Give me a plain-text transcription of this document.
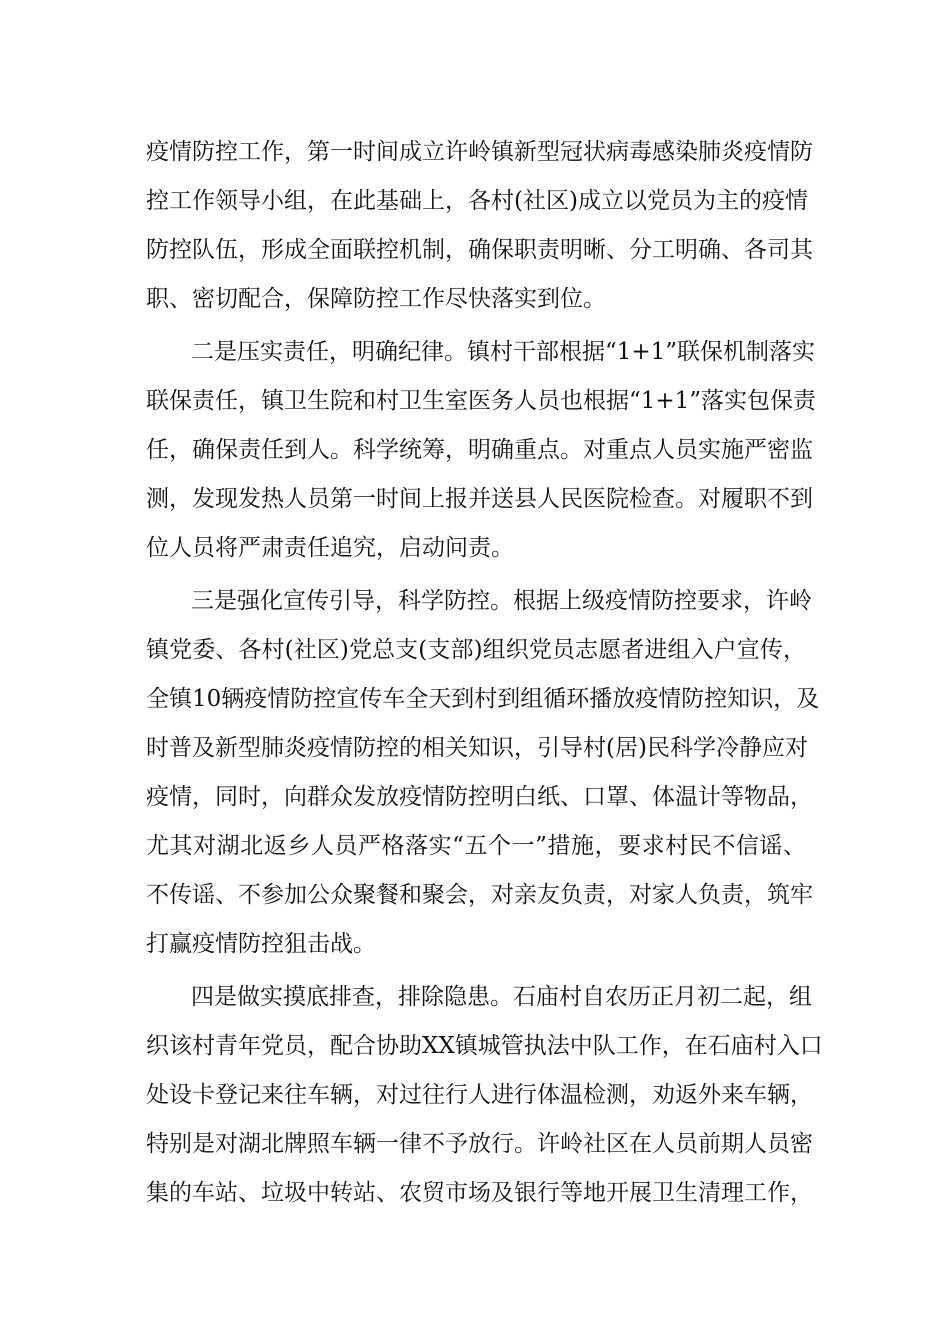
疫情防控工作，第一时间成立许岭镇新型冠状病毒感染肺炎疫情防
控工作领导小组，在此基础上，各村(社区)成立以党员为主的疫情
防控队伍，形成全面联控机制，确保职责明晰、分工明确、各司其
职、密切配合，保障防控工作尽快落实到位。
二是压实责任，明确纪律。镇村干部根据“1+1”联保机制落实
联保责任，镇卫生院和村卫生室医务人员也根据“1+1”落实包保责
任，确保责任到人。科学统筹，明确重点。对重点人员实施严密监
测，发现发热人员第一时间上报并送县人民医院检查。对履职不到
位人员将严肃责任追究，启动问责。
三是强化宣传引导，科学防控。根据上级疫情防控要求，许岭
镇党委、各村(社区)党总支(支部)组织党员志愿者进组入户宣传，
全镇10辆疫情防控宣传车全天到村到组循环播放疫情防控知识，及
时普及新型肺炎疫情防控的相关知识，引导村(居)民科学冷静应对
疫情，同时，向群众发放疫情防控明白纸、口罩、体温计等物品，
尤其对湖北返乡人员严格落实“五个一”措施，要求村民不信谣、
不传谣、不参加公众聚餐和聚会，对亲友负责，对家人负责，筑牢
打赢疫情防控狙击战。
四是做实摸底排查，排除隐患。石庙村自农历正月初二起，组
织该村青年党员，配合协助XX镇城管执法中队工作，在石庙村入口
处设卡登记来往车辆，对过往行人进行体温检测，劝返外来车辆，
特别是对湖北牌照车辆一律不予放行。许岭社区在人员前期人员密
集的车站、垃圾中转站、农贸市场及银行等地开展卫生清理工作，
